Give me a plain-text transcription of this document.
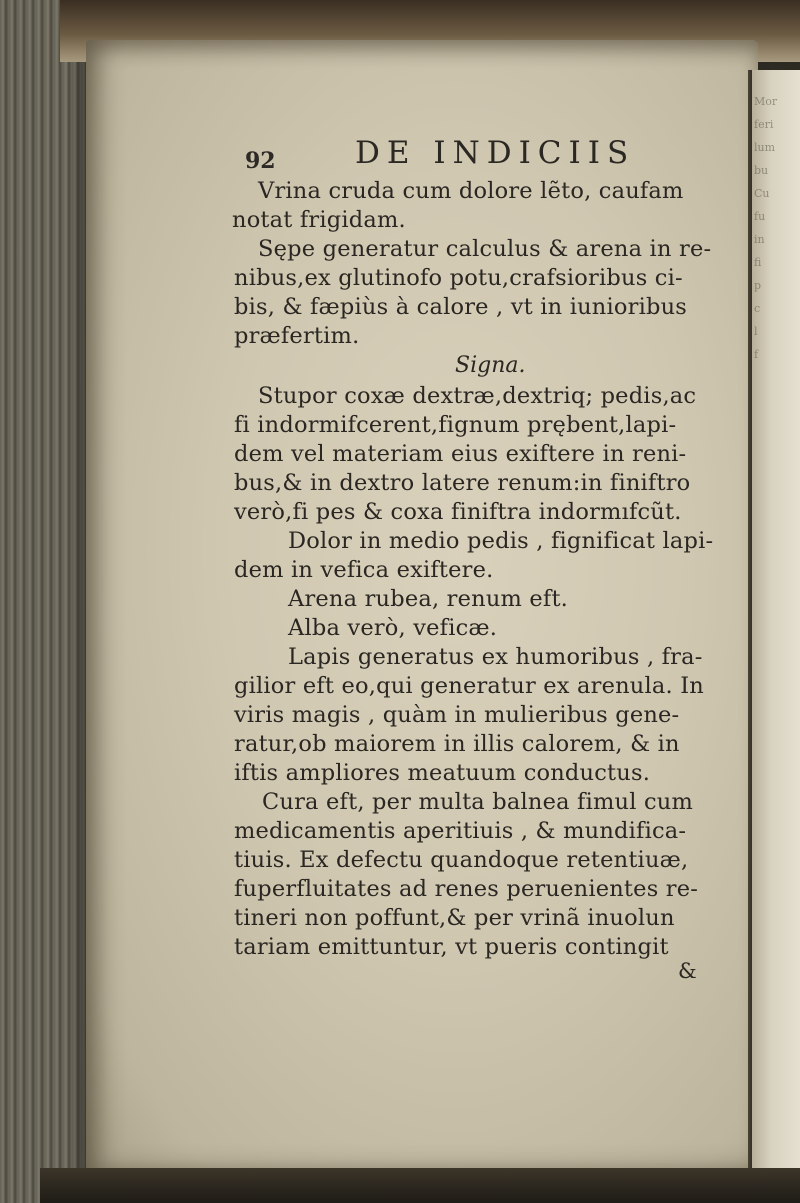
Mor
feri
lum
bu
Cu
fu
in
fi
p
c
l
f
92	DE INDICIIS
Vrina cruda cum dolore lẽto, caufam
notat frigidam.
Sępe generatur calculus & arena in re-
nibus,ex glutinofo potu,crafsioribus ci-
bis, & fæpiùs à calore , vt in iunioribus
præfertim.
Signa.
Stupor coxæ dextræ,dextriq; pedis,ac
fi indormifcerent,fignum prębent,lapi-
dem vel materiam eius exiftere in reni-
bus,& in dextro latere renum:in finiftro
verò,fi pes & coxa finiftra indormıfcũt.
Dolor in medio pedis , fignificat lapi-
dem in vefica exiftere.
Arena rubea, renum eft.
Alba verò, veficæ.
Lapis generatus ex humoribus , fra-
gilior eft eo,qui generatur ex arenula. In
viris magis , quàm in mulieribus gene-
ratur,ob maiorem in illis calorem, & in
iftis ampliores meatuum conductus.
Cura eft, per multa balnea fimul cum
medicamentis aperitiuis , & mundifica-
tiuis. Ex defectu quandoque retentiuæ,
fuperfluitates ad renes peruenientes re-
tineri non poffunt,& per vrinã inuolun
tariam emittuntur, vt pueris contingit
&
